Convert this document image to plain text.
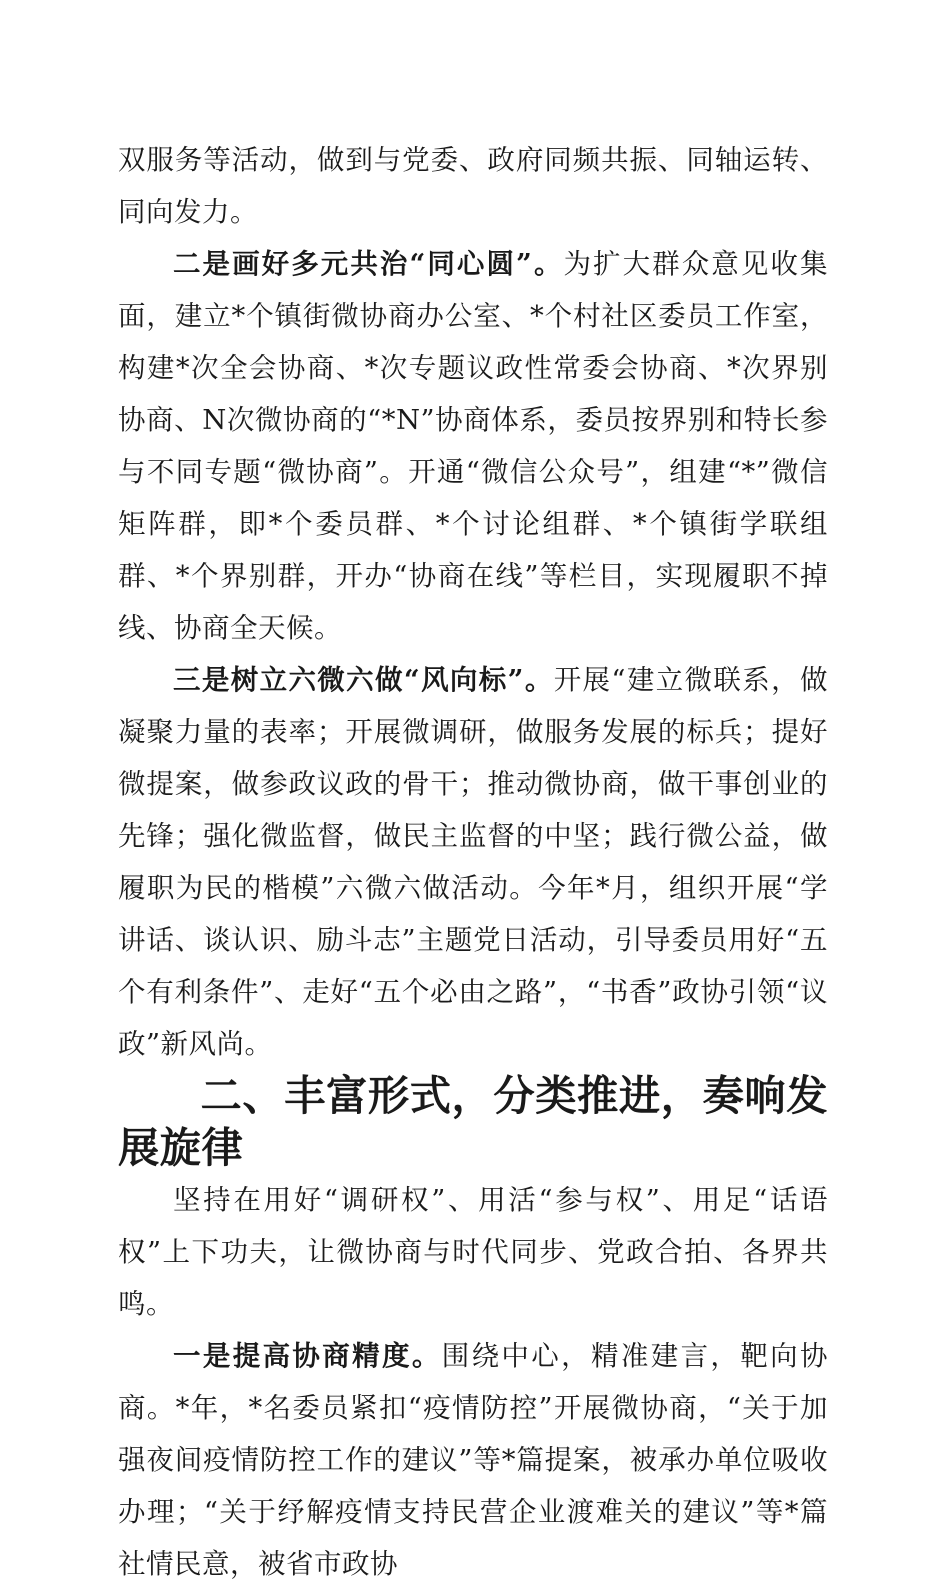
双服务等活动，做到与党委、政府同频共振、同轴运转、同向发力。

二是画好多元共治“同心圆”。为扩大群众意见收集面，建立*个镇街微协商办公室、*个村社区委员工作室，构建*次全会协商、*次专题议政性常委会协商、*次界别协商、N次微协商的“*N”协商体系，委员按界别和特长参与不同专题“微协商”。开通“微信公众号”，组建“*”微信矩阵群，即*个委员群、*个讨论组群、*个镇街学联组群、*个界别群，开办“协商在线”等栏目，实现履职不掉线、协商全天候。

三是树立六微六做“风向标”。开展“建立微联系，做凝聚力量的表率；开展微调研，做服务发展的标兵；提好微提案，做参政议政的骨干；推动微协商，做干事创业的先锋；强化微监督，做民主监督的中坚；践行微公益，做履职为民的楷模”六微六做活动。今年*月，组织开展“学讲话、谈认识、励斗志”主题党日活动，引导委员用好“五个有利条件”、走好“五个必由之路”，“书香”政协引领“议政”新风尚。

二、丰富形式，分类推进，奏响发展旋律

坚持在用好“调研权”、用活“参与权”、用足“话语权”上下功夫，让微协商与时代同步、党政合拍、各界共鸣。

一是提高协商精度。围绕中心，精准建言，靶向协商。*年，*名委员紧扣“疫情防控”开展微协商，“关于加强夜间疫情防控工作的建议”等*篇提案，被承办单位吸收办理；“关于纾解疫情支持民营企业渡难关的建议”等*篇社情民意，被省市政协
